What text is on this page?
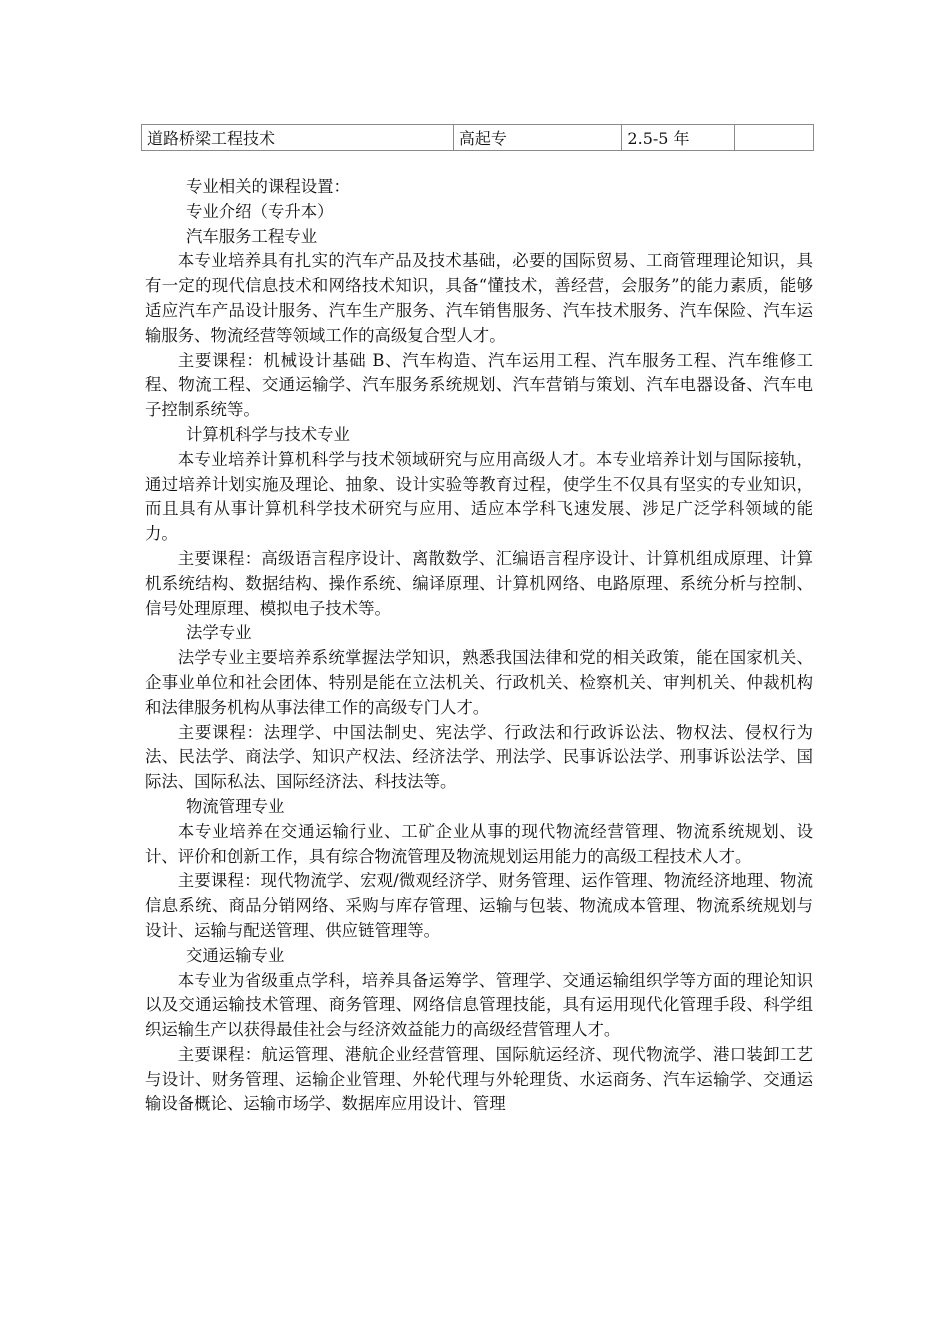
道路桥梁工程技术	高起专	2.5-5 年	

专业相关的课程设置：

专业介绍（专升本）

汽车服务工程专业

本专业培养具有扎实的汽车产品及技术基础，必要的国际贸易、工商管理理论知识，具有一定的现代信息技术和网络技术知识，具备“懂技术，善经营，会服务”的能力素质，能够适应汽车产品设计服务、汽车生产服务、汽车销售服务、汽车技术服务、汽车保险、汽车运输服务、物流经营等领域工作的高级复合型人才。

主要课程：机械设计基础 B、汽车构造、汽车运用工程、汽车服务工程、汽车维修工程、物流工程、交通运输学、汽车服务系统规划、汽车营销与策划、汽车电器设备、汽车电子控制系统等。

计算机科学与技术专业

本专业培养计算机科学与技术领域研究与应用高级人才。本专业培养计划与国际接轨，通过培养计划实施及理论、抽象、设计实验等教育过程，使学生不仅具有坚实的专业知识，而且具有从事计算机科学技术研究与应用、适应本学科飞速发展、涉足广泛学科领域的能力。

主要课程：高级语言程序设计、离散数学、汇编语言程序设计、计算机组成原理、计算机系统结构、数据结构、操作系统、编译原理、计算机网络、电路原理、系统分析与控制、信号处理原理、模拟电子技术等。

法学专业

法学专业主要培养系统掌握法学知识，熟悉我国法律和党的相关政策，能在国家机关、企事业单位和社会团体、特别是能在立法机关、行政机关、检察机关、审判机关、仲裁机构和法律服务机构从事法律工作的高级专门人才。

主要课程：法理学、中国法制史、宪法学、行政法和行政诉讼法、物权法、侵权行为法、民法学、商法学、知识产权法、经济法学、刑法学、民事诉讼法学、刑事诉讼法学、国际法、国际私法、国际经济法、科技法等。

物流管理专业

本专业培养在交通运输行业、工矿企业从事的现代物流经营管理、物流系统规划、设计、评价和创新工作，具有综合物流管理及物流规划运用能力的高级工程技术人才。

主要课程：现代物流学、宏观/微观经济学、财务管理、运作管理、物流经济地理、物流信息系统、商品分销网络、采购与库存管理、运输与包装、物流成本管理、物流系统规划与设计、运输与配送管理、供应链管理等。

交通运输专业

本专业为省级重点学科，培养具备运筹学、管理学、交通运输组织学等方面的理论知识以及交通运输技术管理、商务管理、网络信息管理技能，具有运用现代化管理手段、科学组织运输生产以获得最佳社会与经济效益能力的高级经营管理人才。

主要课程：航运管理、港航企业经营管理、国际航运经济、现代物流学、港口装卸工艺与设计、财务管理、运输企业管理、外轮代理与外轮理货、水运商务、汽车运输学、交通运输设备概论、运输市场学、数据库应用设计、管理
